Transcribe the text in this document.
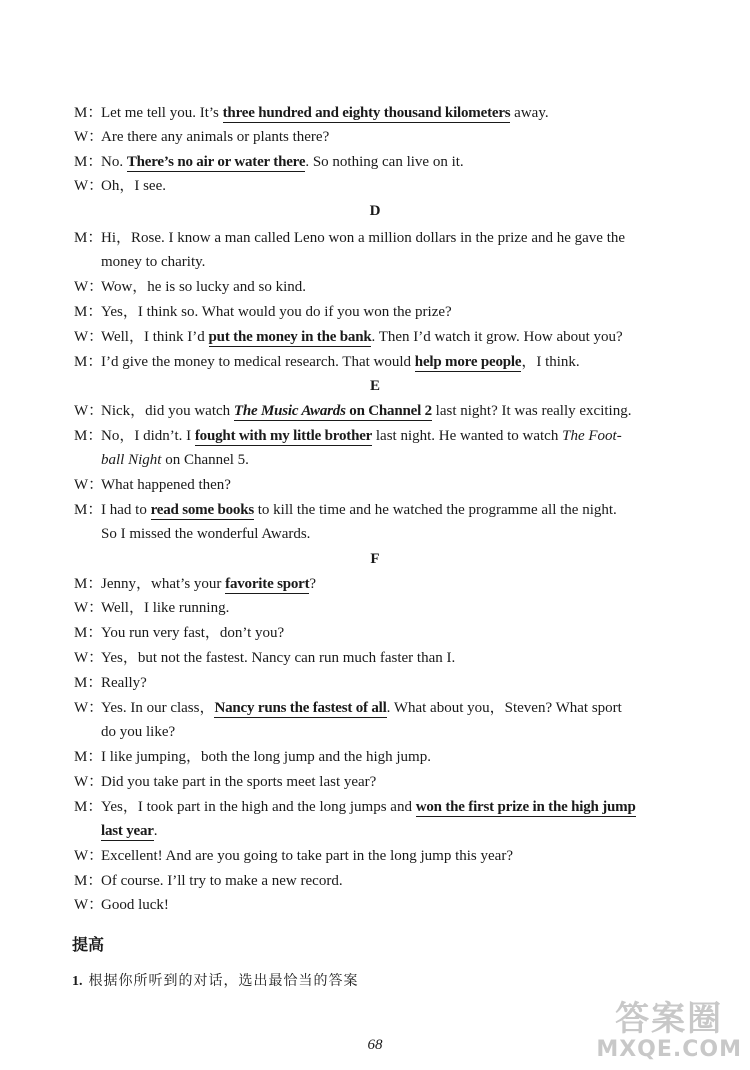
M：Let me tell you. It’s three hundred and eighty thousand kilometers away.
W：Are there any animals or plants there?
M：No. There’s no air or water there. So nothing can live on it.
W：Oh，I see.
D
M：Hi，Rose. I know a man called Leno won a million dollars in the prize and he gave the
money to charity.
W：Wow，he is so lucky and so kind.
M：Yes，I think so. What would you do if you won the prize?
W：Well，I think I’d put the money in the bank. Then I’d watch it grow. How about you?
M：I’d give the money to medical research. That would help more people，I think.
E
W：Nick，did you watch The Music Awards on Channel 2 last night? It was really exciting.
M：No，I didn’t. I fought with my little brother last night. He wanted to watch The Foot-
ball Night on Channel 5.
W：What happened then?
M：I had to read some books to kill the time and he watched the programme all the night.
So I missed the wonderful Awards.
F
M：Jenny，what’s your favorite sport?
W：Well，I like running.
M：You run very fast，don’t you?
W：Yes，but not the fastest. Nancy can run much faster than I.
M：Really?
W：Yes. In our class，Nancy runs the fastest of all. What about you，Steven? What sport
do you like?
M：I like jumping，both the long jump and the high jump.
W：Did you take part in the sports meet last year?
M：Yes，I took part in the high and the long jumps and won the first prize in the high jump
last year.
W：Excellent! And are you going to take part in the long jump this year?
M：Of course. I’ll try to make a new record.
W：Good luck!
提高
1. 根据你所听到的对话，选出最恰当的答案
68
答案圈
MXQE.COM
